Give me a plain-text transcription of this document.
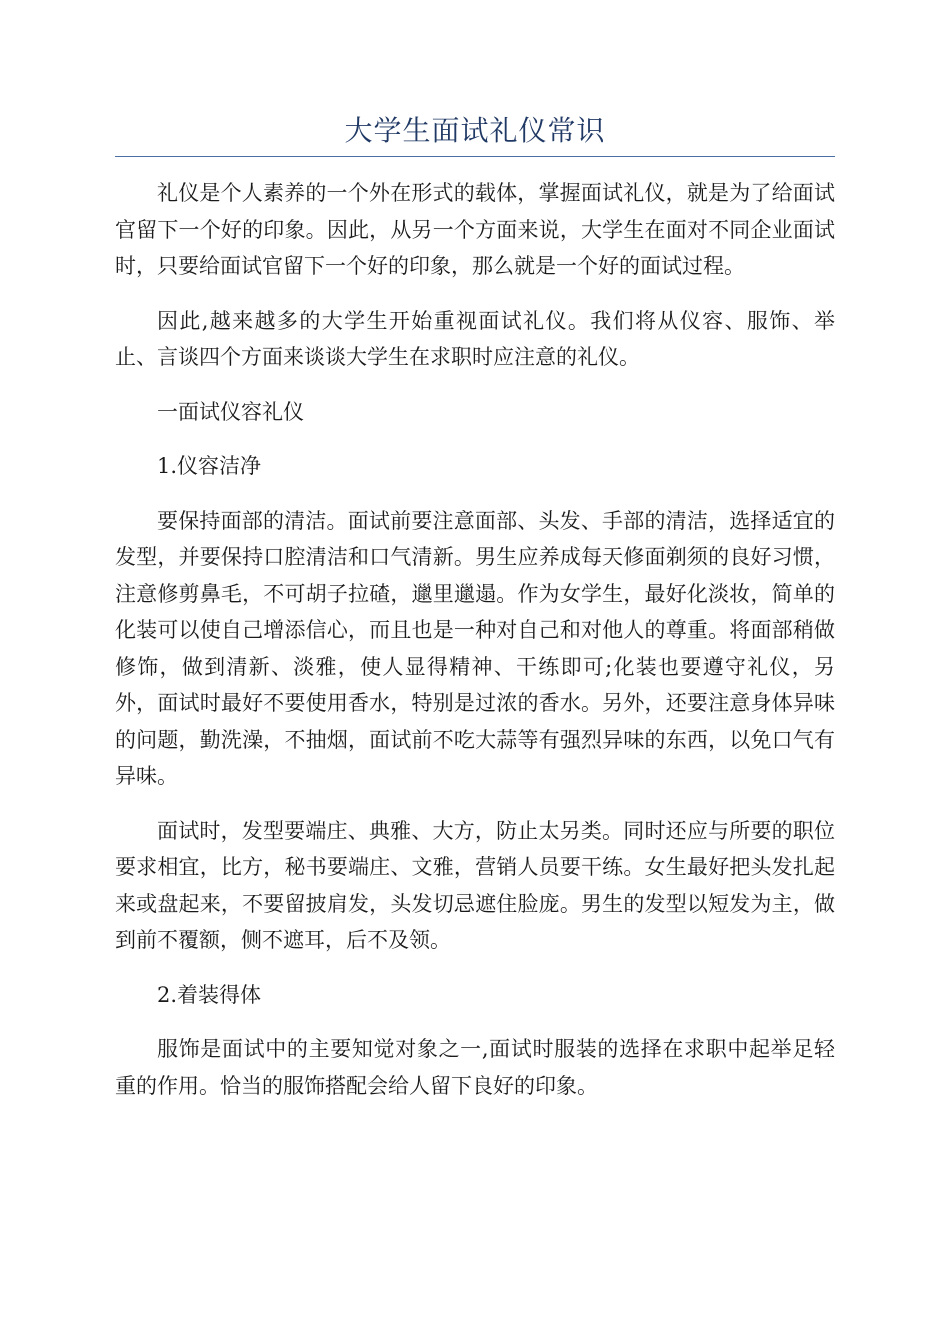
大学生面试礼仪常识

礼仪是个人素养的一个外在形式的载体，掌握面试礼仪，就是为了给面试官留下一个好的印象。因此，从另一个方面来说，大学生在面对不同企业面试时，只要给面试官留下一个好的印象，那么就是一个好的面试过程。

因此,越来越多的大学生开始重视面试礼仪。我们将从仪容、服饰、举止、言谈四个方面来谈谈大学生在求职时应注意的礼仪。

一面试仪容礼仪

1.仪容洁净

要保持面部的清洁。面试前要注意面部、头发、手部的清洁，选择适宜的发型，并要保持口腔清洁和口气清新。男生应养成每天修面剃须的良好习惯，注意修剪鼻毛，不可胡子拉碴，邋里邋遢。作为女学生，最好化淡妆，简单的化装可以使自己增添信心，而且也是一种对自己和对他人的尊重。将面部稍做修饰，做到清新、淡雅，使人显得精神、干练即可;化装也要遵守礼仪，另外，面试时最好不要使用香水，特别是过浓的香水。另外，还要注意身体异味的问题，勤洗澡，不抽烟，面试前不吃大蒜等有强烈异味的东西，以免口气有异味。

面试时，发型要端庄、典雅、大方，防止太另类。同时还应与所要的职位要求相宜，比方，秘书要端庄、文雅，营销人员要干练。女生最好把头发扎起来或盘起来，不要留披肩发，头发切忌遮住脸庞。男生的发型以短发为主，做到前不覆额，侧不遮耳，后不及领。

2.着装得体

服饰是面试中的主要知觉对象之一,面试时服装的选择在求职中起举足轻重的作用。恰当的服饰搭配会给人留下良好的印象。
